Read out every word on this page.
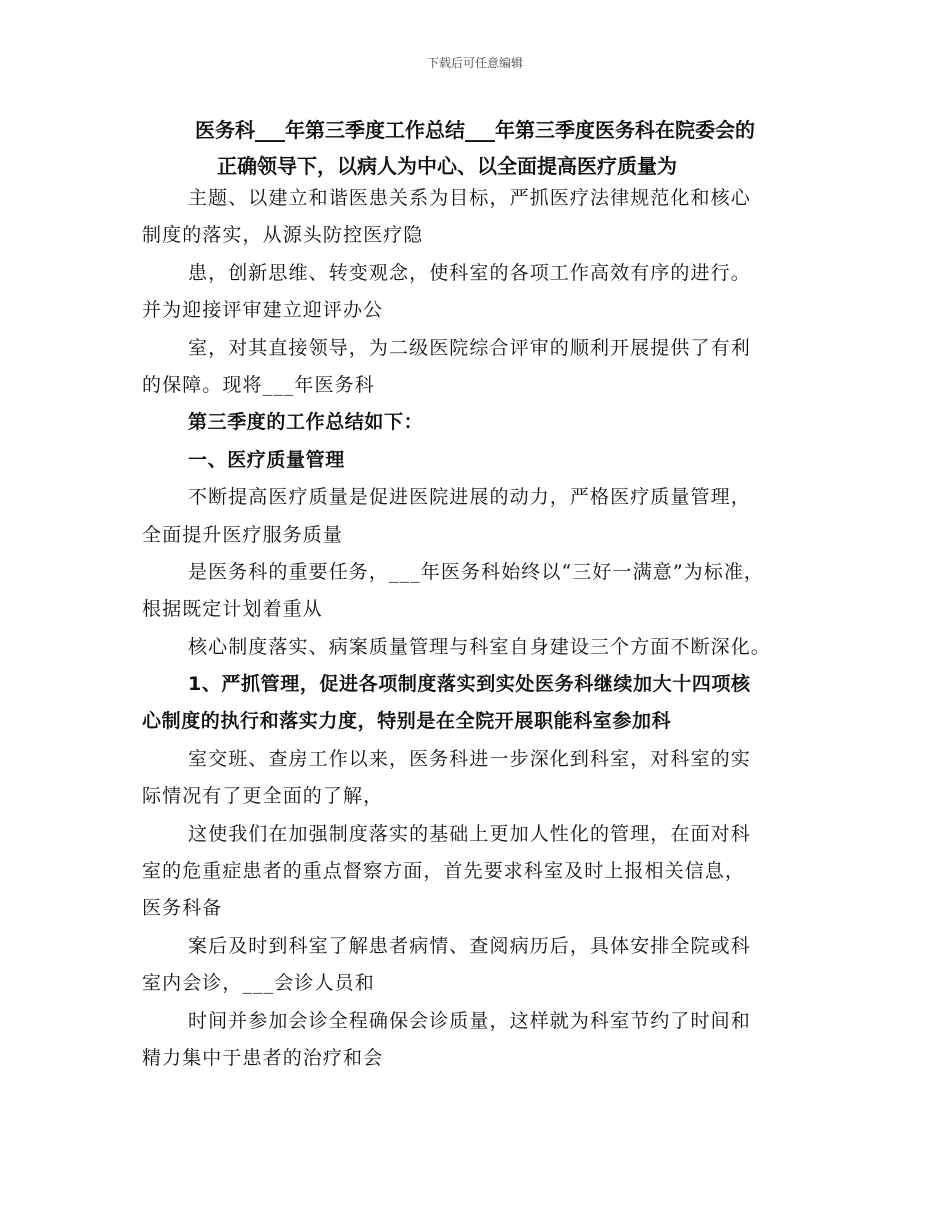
下载后可任意编辑
医务科___年第三季度工作总结___年第三季度医务科在院委会的
正确领导下，以病人为中心、以全面提高医疗质量为
主题、以建立和谐医患关系为目标，严抓医疗法律规范化和核心
制度的落实，从源头防控医疗隐
患，创新思维、转变观念，使科室的各项工作高效有序的进行。
并为迎接评审建立迎评办公
室，对其直接领导，为二级医院综合评审的顺利开展提供了有利
的保障。现将___年医务科
第三季度的工作总结如下：
一、医疗质量管理
不断提高医疗质量是促进医院进展的动力，严格医疗质量管理，
全面提升医疗服务质量
是医务科的重要任务，___年医务科始终以“三好一满意”为标准，
根据既定计划着重从
核心制度落实、病案质量管理与科室自身建设三个方面不断深化。
1、严抓管理，促进各项制度落实到实处医务科继续加大十四项核
心制度的执行和落实力度，特别是在全院开展职能科室参加科
室交班、查房工作以来，医务科进一步深化到科室，对科室的实
际情况有了更全面的了解，
这使我们在加强制度落实的基础上更加人性化的管理，在面对科
室的危重症患者的重点督察方面，首先要求科室及时上报相关信息，
医务科备
案后及时到科室了解患者病情、查阅病历后，具体安排全院或科
室内会诊，___会诊人员和
时间并参加会诊全程确保会诊质量，这样就为科室节约了时间和
精力集中于患者的治疗和会
